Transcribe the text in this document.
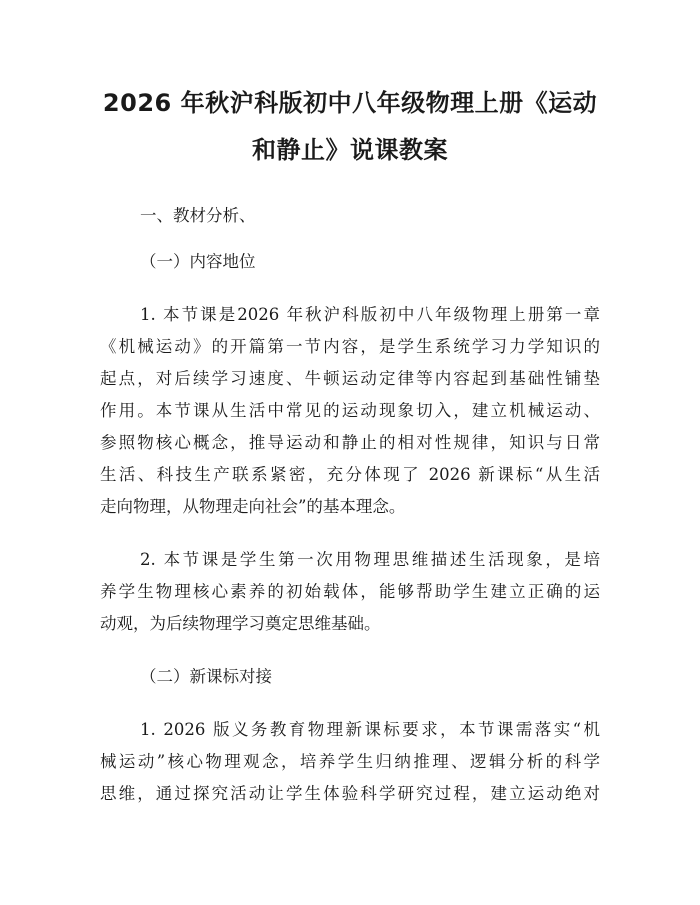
2026 年秋沪科版初中八年级物理上册《运动
和静止》说课教案

一、教材分析、

（一）内容地位

1. 本节课是2026 年秋沪科版初中八年级物理上册第一章
《机械运动》的开篇第一节内容，是学生系统学习力学知识的
起点，对后续学习速度、牛顿运动定律等内容起到基础性铺垫
作用。本节课从生活中常见的运动现象切入，建立机械运动、
参照物核心概念，推导运动和静止的相对性规律，知识与日常
生活、科技生产联系紧密，充分体现了 2026 新课标“从生活
走向物理，从物理走向社会”的基本理念。
2. 本节课是学生第一次用物理思维描述生活现象，是培
养学生物理核心素养的初始载体，能够帮助学生建立正确的运
动观，为后续物理学习奠定思维基础。

（二）新课标对接

1. 2026 版义务教育物理新课标要求，本节课需落实“机
械运动”核心物理观念，培养学生归纳推理、逻辑分析的科学
思维，通过探究活动让学生体验科学研究过程，建立运动绝对
